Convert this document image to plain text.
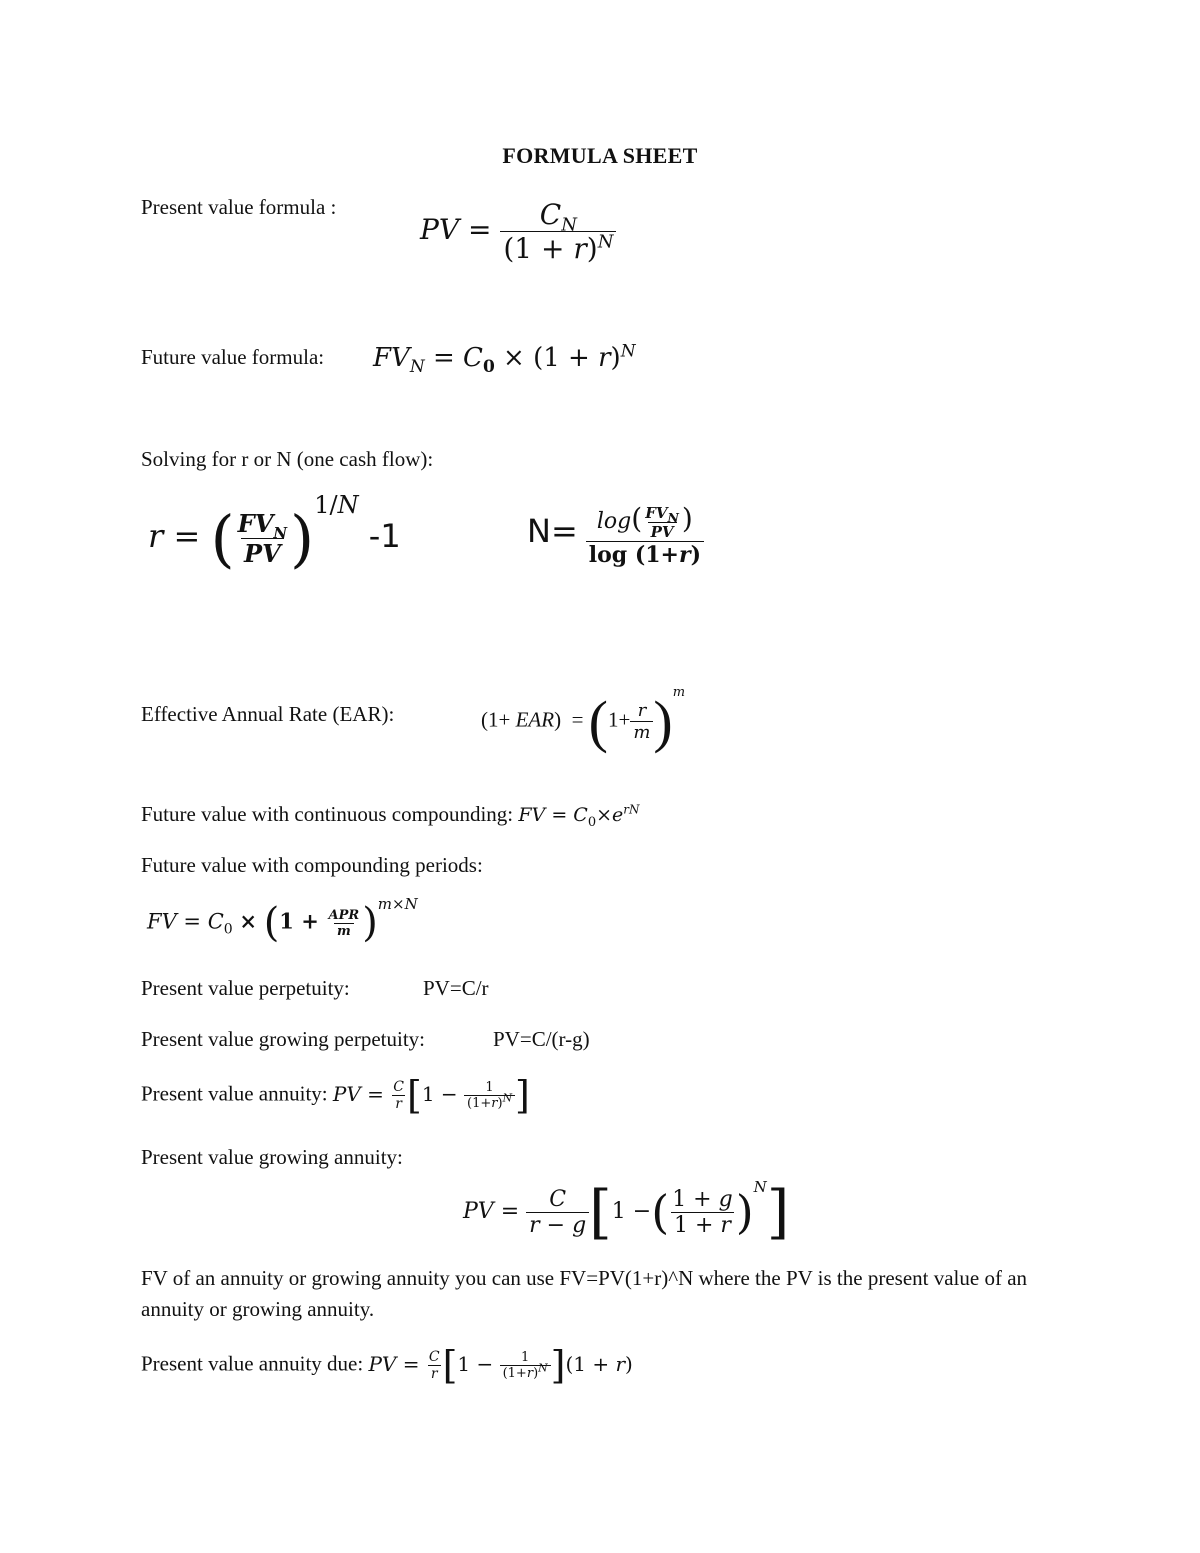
FORMULA SHEET
Present value formula :
PV = $\frac{C_N}{(1 + r)^N}$
Future value formula: $FV_N = C_0 \times (1 + r)^N$
Solving for r or N (one cash flow):
r = ( $\frac{FV_N}{PV} )^{1/N}$ -1	$N= \frac{\log( \frac{FV_N}{PV} )}{\log (1+r)}$
Effective Annual Rate (EAR):	$(1+ EAR) = (1+ \frac{r}{m} )^m$
Future value with continuous compounding: FV = $C_0\times e^{rN}$
Future value with compounding periods:
FV = $C_0 \times (1 + \frac{\text{APR}}{m} )^{m\times N}$
Present value perpetuity:	PV=C/r
Present value growing perpetuity:	PV=C/(r-g)
Present value annuity: PV = $\frac{C}{r} [1 - \frac{1}{(1+r)^N}$ ]
Present value growing annuity:
PV = $\frac{C}{r - g} [1$ −( $\frac{1 + g}{1 + r} )^N$]
FV of an annuity or growing annuity you can use FV=PV(1+r)^N where the PV is the present value of an annuity or growing annuity.
Present value annuity due: PV = $\frac{C}{r} [1 - \frac{1}{(1+r)^N} ](1 + r)$
